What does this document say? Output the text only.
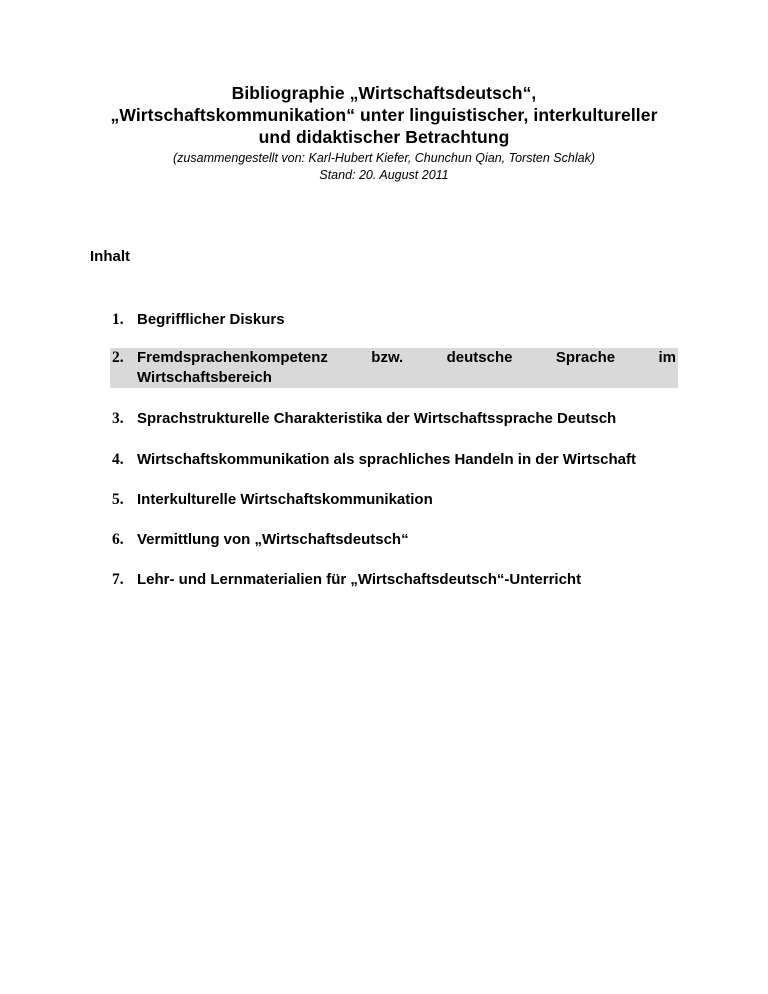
Bibliographie „Wirtschaftsdeutsch“,
„Wirtschaftskommunikation“ unter linguistischer, interkultureller
und didaktischer Betrachtung
(zusammengestellt von: Karl-Hubert Kiefer, Chunchun Qian, Torsten Schlak)
Stand: 20. August 2011
Inhalt
1. Begrifflicher Diskurs
2. Fremdsprachenkompetenz	bzw.	deutsche	Sprache	im
Wirtschaftsbereich
3. Sprachstrukturelle Charakteristika der Wirtschaftssprache Deutsch
4. Wirtschaftskommunikation als sprachliches Handeln in der Wirtschaft
5. Interkulturelle Wirtschaftskommunikation
6. Vermittlung von „Wirtschaftsdeutsch“
7. Lehr- und Lernmaterialien für „Wirtschaftsdeutsch“-Unterricht
